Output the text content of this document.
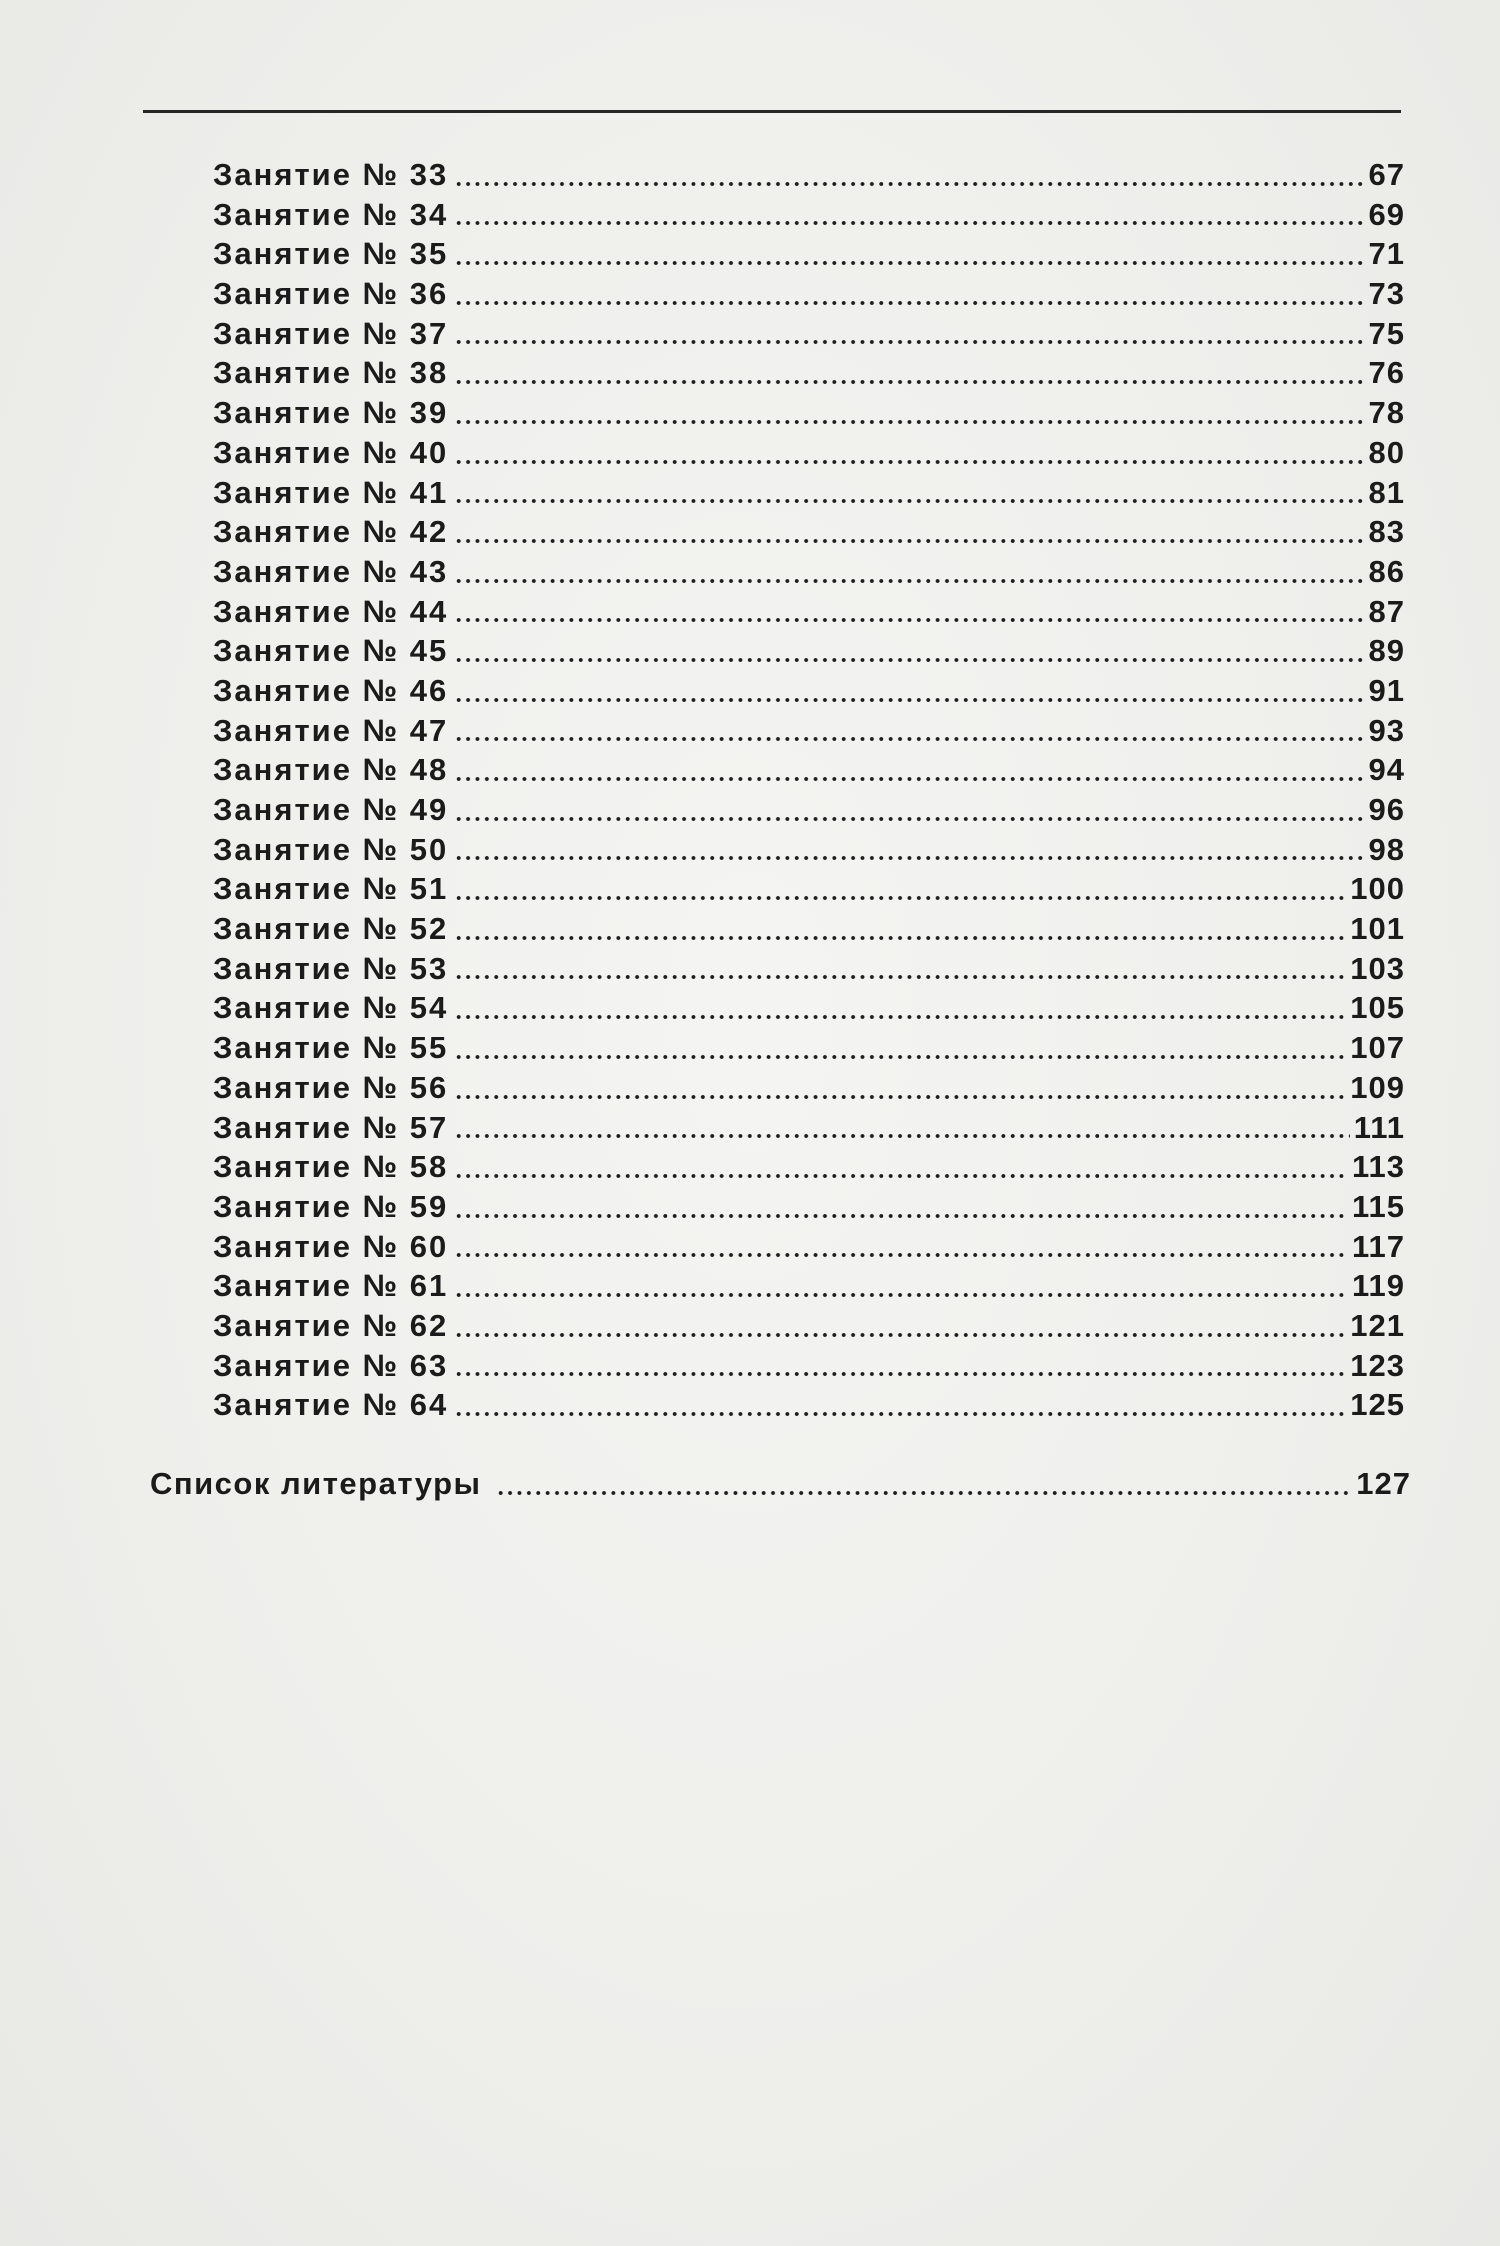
Занятие № 33	67
Занятие № 34	69
Занятие № 35	71
Занятие № 36	73
Занятие № 37	75
Занятие № 38	76
Занятие № 39	78
Занятие № 40	80
Занятие № 41	81
Занятие № 42	83
Занятие № 43	86
Занятие № 44	87
Занятие № 45	89
Занятие № 46	91
Занятие № 47	93
Занятие № 48	94
Занятие № 49	96
Занятие № 50	98
Занятие № 51	100
Занятие № 52	101
Занятие № 53	103
Занятие № 54	105
Занятие № 55	107
Занятие № 56	109
Занятие № 57	111
Занятие № 58	113
Занятие № 59	115
Занятие № 60	117
Занятие № 61	119
Занятие № 62	121
Занятие № 63	123
Занятие № 64	125
Список литературы	127
